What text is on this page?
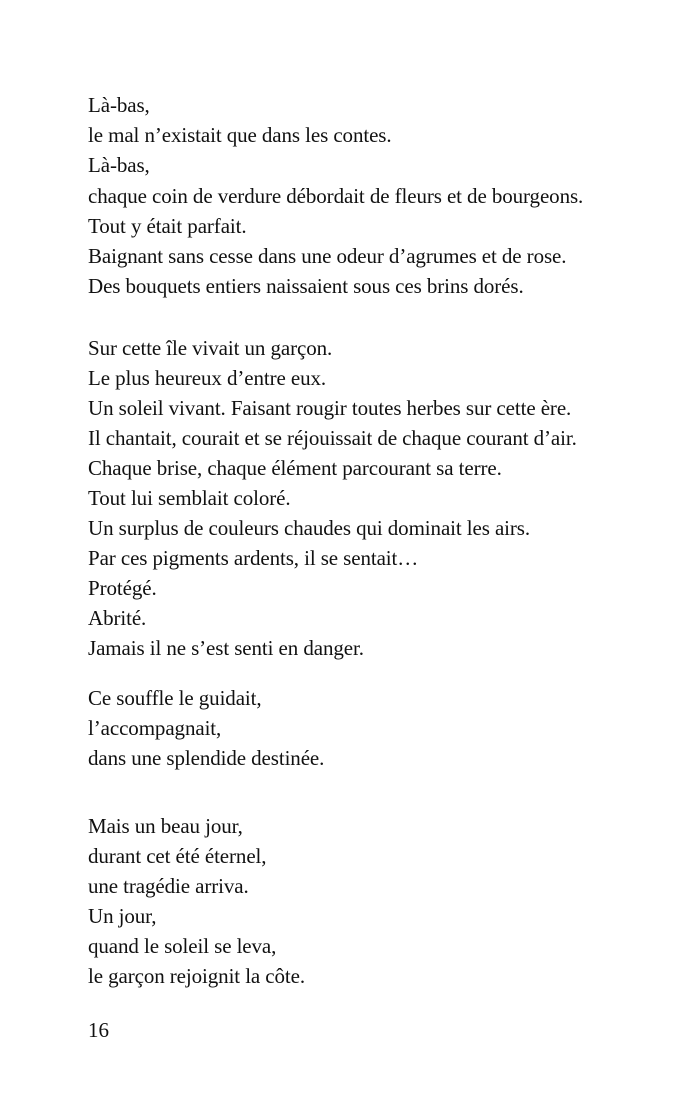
Là-bas,
le mal n’existait que dans les contes.
Là-bas,
chaque coin de verdure débordait de fleurs et de bourgeons.
Tout y était parfait.
Baignant sans cesse dans une odeur d’agrumes et de rose.
Des bouquets entiers naissaient sous ces brins dorés.
Sur cette île vivait un garçon.
Le plus heureux d’entre eux.
Un soleil vivant. Faisant rougir toutes herbes sur cette ère.
Il chantait, courait et se réjouissait de chaque courant d’air.
Chaque brise, chaque élément parcourant sa terre.
Tout lui semblait coloré.
Un surplus de couleurs chaudes qui dominait les airs.
Par ces pigments ardents, il se sentait…
Protégé.
Abrité.
Jamais il ne s’est senti en danger.
Ce souffle le guidait,
l’accompagnait,
dans une splendide destinée.
Mais un beau jour,
durant cet été éternel,
une tragédie arriva.
Un jour,
quand le soleil se leva,
le garçon rejoignit la côte.
16
